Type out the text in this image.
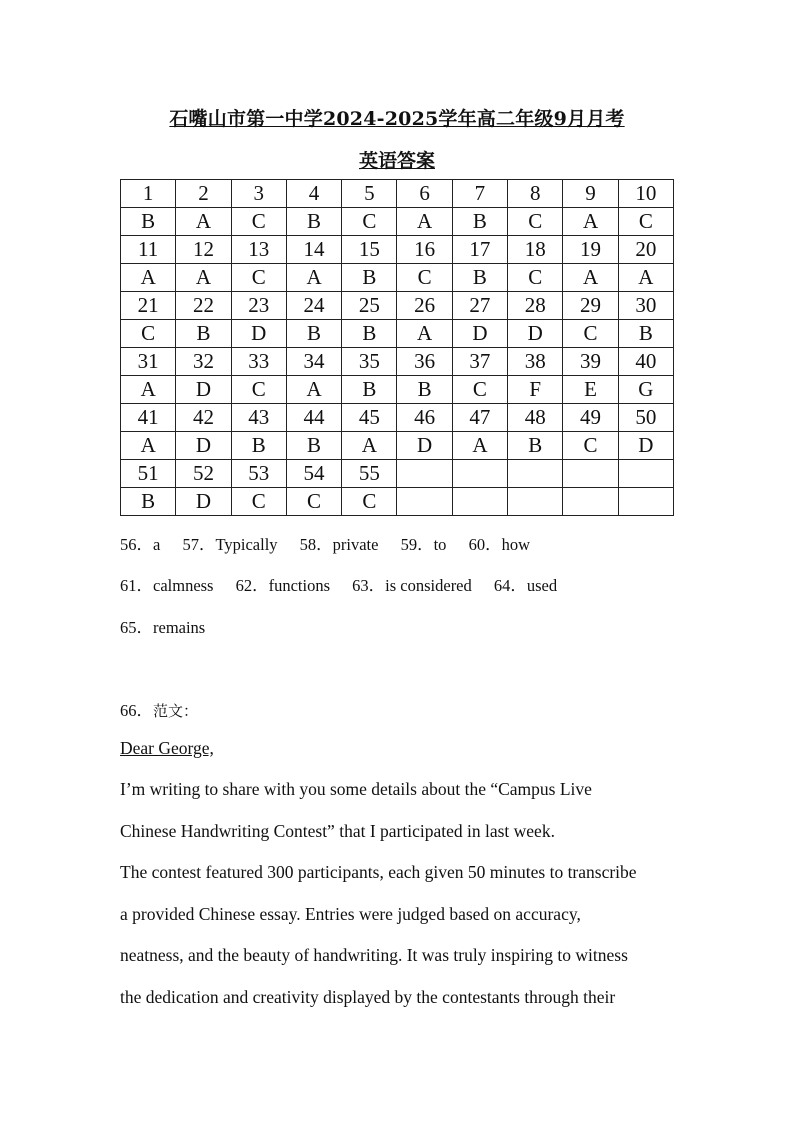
石嘴山市第一中学2024-2025学年高二年级9月月考
英语答案
1	2	3	4	5	6	7	8	9	10
B	A	C	B	C	A	B	C	A	C
11	12	13	14	15	16	17	18	19	20
A	A	C	A	B	C	B	C	A	A
21	22	23	24	25	26	27	28	29	30
C	B	D	B	B	A	D	D	C	B
31	32	33	34	35	36	37	38	39	40
A	D	C	A	B	B	C	F	E	G
41	42	43	44	45	46	47	48	49	50
A	D	B	B	A	D	A	B	C	D
51	52	53	54	55					
B	D	C	C	C					
56．a 57．Typically 58．private 59．to 60．how
61．calmness 62．functions 63．is considered 64．used
65．remains
66．范文：
Dear George,
I’m writing to share with you some details about the “Campus Live
Chinese Handwriting Contest” that I participated in last week.
The contest featured 300 participants, each given 50 minutes to transcribe
a provided Chinese essay. Entries were judged based on accuracy,
neatness, and the beauty of handwriting. It was truly inspiring to witness
the dedication and creativity displayed by the contestants through their
